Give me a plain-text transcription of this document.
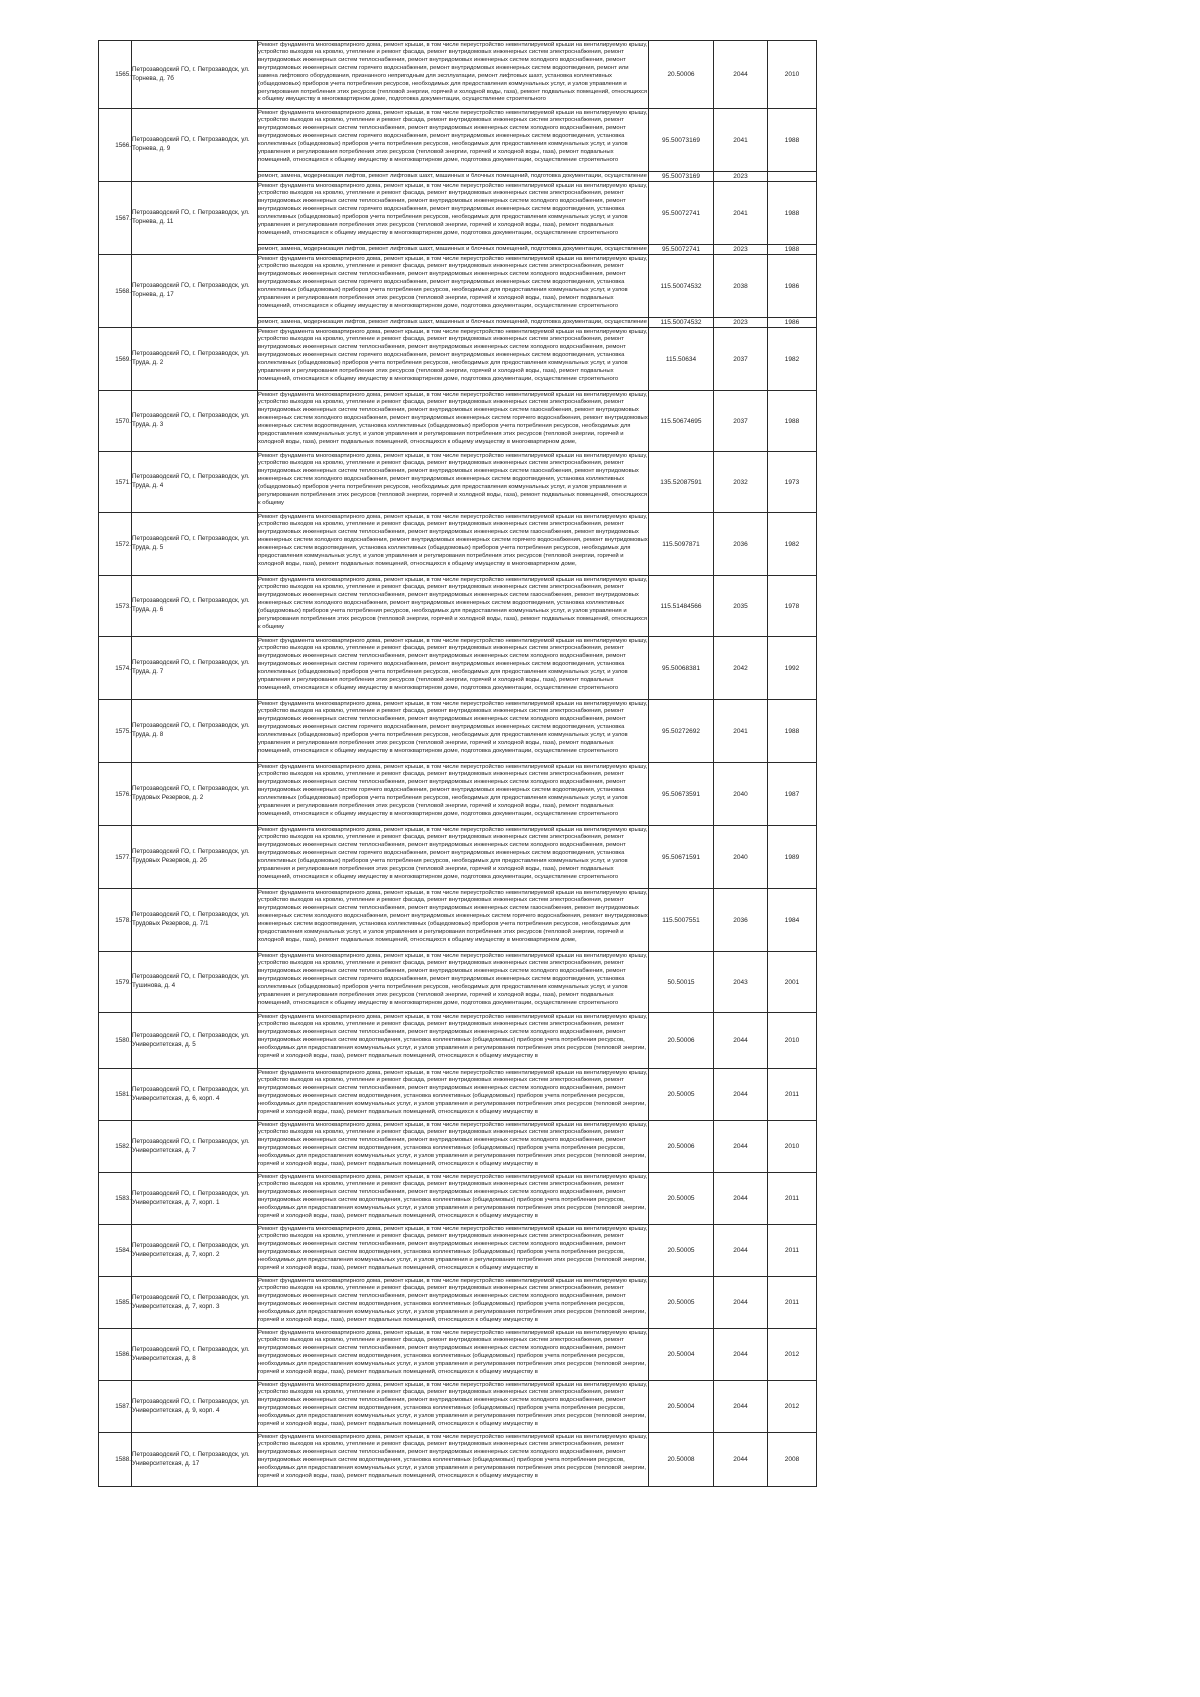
1565.	Петрозаводский ГО, г. Петрозаводск, ул. Торнева, д. 7б	Ремонт фундамента многоквартирного дома, ремонт крыши, в том числе переустройство невентилируемой крыши на вентилируемую крышу, устройство выходов на кровлю, утепление и ремонт фасада, ремонт внутридомовых инженерных систем электроснабжения, ремонт внутридомовых инженерных систем теплоснабжения, ремонт внутридомовых инженерных систем холодного водоснабжения, ремонт внутридомовых инженерных систем горячего водоснабжения, ремонт внутридомовых инженерных систем водоотведения, ремонт или замена лифтового оборудования, признанного непригодным для эксплуатации, ремонт лифтовых шахт, установка коллективных (общедомовых) приборов учета потребления ресурсов, необходимых для предоставления коммунальных услуг, и узлов управления и регулирования потребления этих ресурсов (тепловой энергии, горячей и холодной воды, газа), ремонт подвальных помещений, относящихся к общему имуществу в многоквартирном доме, подготовка документации, осуществление строительного	20.50006	2044	2010
1566.	Петрозаводский ГО, г. Петрозаводск, ул. Торнева, д. 9	Ремонт фундамента многоквартирного дома, ремонт крыши, в том числе переустройство невентилируемой крыши на вентилируемую крышу, устройство выходов на кровлю, утепление и ремонт фасада, ремонт внутридомовых инженерных систем электроснабжения, ремонт внутридомовых инженерных систем теплоснабжения, ремонт внутридомовых инженерных систем холодного водоснабжения, ремонт внутридомовых инженерных систем горячего водоснабжения, ремонт внутридомовых инженерных систем водоотведения, установка коллективных (общедомовых) приборов учета потребления ресурсов, необходимых для предоставления коммунальных услуг, и узлов управления и регулирования потребления этих ресурсов (тепловой энергии, горячей и холодной воды, газа), ремонт подвальных помещений, относящихся к общему имуществу в многоквартирном доме, подготовка документации, осуществление строительного	95.50073169	2041	1988

		ремонт, замена, модернизация лифтов, ремонт лифтовых шахт, машинных и блочных помещений, подготовка документации, осуществление	95.50073169	2023	
1567.	Петрозаводский ГО, г. Петрозаводск, ул. Торнева, д. 11	Ремонт фундамента многоквартирного дома, ремонт крыши, в том числе переустройство невентилируемой крыши на вентилируемую крышу, устройство выходов на кровлю, утепление и ремонт фасада, ремонт внутридомовых инженерных систем электроснабжения, ремонт внутридомовых инженерных систем теплоснабжения, ремонт внутридомовых инженерных систем холодного водоснабжения, ремонт внутридомовых инженерных систем горячего водоснабжения, ремонт внутридомовых инженерных систем водоотведения, установка коллективных (общедомовых) приборов учета потребления ресурсов, необходимых для предоставления коммунальных услуг, и узлов управления и регулирования потребления этих ресурсов (тепловой энергии, горячей и холодной воды, газа), ремонт подвальных помещений, относящихся к общему имуществу в многоквартирном доме, подготовка документации, осуществление строительного	95.50072741	2041	1988

		ремонт, замена, модернизация лифтов, ремонт лифтовых шахт, машинных и блочных помещений, подготовка документации, осуществление	95.50072741	2023	1988
1568.	Петрозаводский ГО, г. Петрозаводск, ул. Торнева, д. 17	Ремонт фундамента многоквартирного дома, ремонт крыши, в том числе переустройство невентилируемой крыши на вентилируемую крышу, устройство выходов на кровлю, утепление и ремонт фасада, ремонт внутридомовых инженерных систем электроснабжения, ремонт внутридомовых инженерных систем теплоснабжения, ремонт внутридомовых инженерных систем холодного водоснабжения, ремонт внутридомовых инженерных систем горячего водоснабжения, ремонт внутридомовых инженерных систем водоотведения, установка коллективных (общедомовых) приборов учета потребления ресурсов, необходимых для предоставления коммунальных услуг, и узлов управления и регулирования потребления этих ресурсов (тепловой энергии, горячей и холодной воды, газа), ремонт подвальных помещений, относящихся к общему имуществу в многоквартирном доме, подготовка документации, осуществление строительного	115.50074532	2038	1986

		ремонт, замена, модернизация лифтов, ремонт лифтовых шахт, машинных и блочных помещений, подготовка документации, осуществление	115.50074532	2023	1986
1569.	Петрозаводский ГО, г. Петрозаводск, ул. Труда, д. 2	Ремонт фундамента многоквартирного дома, ремонт крыши, в том числе переустройство невентилируемой крыши на вентилируемую крышу, устройство выходов на кровлю, утепление и ремонт фасада, ремонт внутридомовых инженерных систем электроснабжения, ремонт внутридомовых инженерных систем теплоснабжения, ремонт внутридомовых инженерных систем холодного водоснабжения, ремонт внутридомовых инженерных систем горячего водоснабжения, ремонт внутридомовых инженерных систем водоотведения, установка коллективных (общедомовых) приборов учета потребления ресурсов, необходимых для предоставления коммунальных услуг, и узлов управления и регулирования потребления этих ресурсов (тепловой энергии, горячей и холодной воды, газа), ремонт подвальных помещений, относящихся к общему имуществу в многоквартирном доме, подготовка документации, осуществление строительного	115.50634	2037	1982
1570.	Петрозаводский ГО, г. Петрозаводск, ул. Труда, д. 3	Ремонт фундамента многоквартирного дома, ремонт крыши, в том числе переустройство невентилируемой крыши на вентилируемую крышу, устройство выходов на кровлю, утепление и ремонт фасада, ремонт внутридомовых инженерных систем электроснабжения, ремонт внутридомовых инженерных систем теплоснабжения, ремонт внутридомовых инженерных систем газоснабжения, ремонт внутридомовых инженерных систем холодного водоснабжения, ремонт внутридомовых инженерных систем горячего водоснабжения, ремонт внутридомовых инженерных систем водоотведения, установка коллективных (общедомовых) приборов учета потребления ресурсов, необходимых для предоставления коммунальных услуг, и узлов управления и регулирования потребления этих ресурсов (тепловой энергии, горячей и холодной воды, газа), ремонт подвальных помещений, относящихся к общему имуществу в многоквартирном доме,	115.50674695	2037	1988
1571.	Петрозаводский ГО, г. Петрозаводск, ул. Труда, д. 4	Ремонт фундамента многоквартирного дома, ремонт крыши, в том числе переустройство невентилируемой крыши на вентилируемую крышу, устройство выходов на кровлю, утепление и ремонт фасада, ремонт внутридомовых инженерных систем электроснабжения, ремонт внутридомовых инженерных систем теплоснабжения, ремонт внутридомовых инженерных систем газоснабжения, ремонт внутридомовых инженерных систем холодного водоснабжения, ремонт внутридомовых инженерных систем водоотведения, установка коллективных (общедомовых) приборов учета потребления ресурсов, необходимых для предоставления коммунальных услуг, и узлов управления и регулирования потребления этих ресурсов (тепловой энергии, горячей и холодной воды, газа), ремонт подвальных помещений, относящихся к общему	135.52087591	2032	1973
1572.	Петрозаводский ГО, г. Петрозаводск, ул. Труда, д. 5	Ремонт фундамента многоквартирного дома, ремонт крыши, в том числе переустройство невентилируемой крыши на вентилируемую крышу, устройство выходов на кровлю, утепление и ремонт фасада, ремонт внутридомовых инженерных систем электроснабжения, ремонт внутридомовых инженерных систем теплоснабжения, ремонт внутридомовых инженерных систем газоснабжения, ремонт внутридомовых инженерных систем холодного водоснабжения, ремонт внутридомовых инженерных систем горячего водоснабжения, ремонт внутридомовых инженерных систем водоотведения, установка коллективных (общедомовых) приборов учета потребления ресурсов, необходимых для предоставления коммунальных услуг, и узлов управления и регулирования потребления этих ресурсов (тепловой энергии, горячей и холодной воды, газа), ремонт подвальных помещений, относящихся к общему имуществу в многоквартирном доме,	115.5097871	2036	1982
1573.	Петрозаводский ГО, г. Петрозаводск, ул. Труда, д. 6	Ремонт фундамента многоквартирного дома, ремонт крыши, в том числе переустройство невентилируемой крыши на вентилируемую крышу, устройство выходов на кровлю, утепление и ремонт фасада, ремонт внутридомовых инженерных систем электроснабжения, ремонт внутридомовых инженерных систем теплоснабжения, ремонт внутридомовых инженерных систем газоснабжения, ремонт внутридомовых инженерных систем холодного водоснабжения, ремонт внутридомовых инженерных систем водоотведения, установка коллективных (общедомовых) приборов учета потребления ресурсов, необходимых для предоставления коммунальных услуг, и узлов управления и регулирования потребления этих ресурсов (тепловой энергии, горячей и холодной воды, газа), ремонт подвальных помещений, относящихся к общему	115.51484566	2035	1978
1574.	Петрозаводский ГО, г. Петрозаводск, ул. Труда, д. 7	Ремонт фундамента многоквартирного дома, ремонт крыши, в том числе переустройство невентилируемой крыши на вентилируемую крышу, устройство выходов на кровлю, утепление и ремонт фасада, ремонт внутридомовых инженерных систем электроснабжения, ремонт внутридомовых инженерных систем теплоснабжения, ремонт внутридомовых инженерных систем холодного водоснабжения, ремонт внутридомовых инженерных систем горячего водоснабжения, ремонт внутридомовых инженерных систем водоотведения, установка коллективных (общедомовых) приборов учета потребления ресурсов, необходимых для предоставления коммунальных услуг, и узлов управления и регулирования потребления этих ресурсов (тепловой энергии, горячей и холодной воды, газа), ремонт подвальных помещений, относящихся к общему имуществу в многоквартирном доме, подготовка документации, осуществление строительного	95.50068381	2042	1992
1575.	Петрозаводский ГО, г. Петрозаводск, ул. Труда, д. 8	Ремонт фундамента многоквартирного дома, ремонт крыши, в том числе переустройство невентилируемой крыши на вентилируемую крышу, устройство выходов на кровлю, утепление и ремонт фасада, ремонт внутридомовых инженерных систем электроснабжения, ремонт внутридомовых инженерных систем теплоснабжения, ремонт внутридомовых инженерных систем холодного водоснабжения, ремонт внутридомовых инженерных систем горячего водоснабжения, ремонт внутридомовых инженерных систем водоотведения, установка коллективных (общедомовых) приборов учета потребления ресурсов, необходимых для предоставления коммунальных услуг, и узлов управления и регулирования потребления этих ресурсов (тепловой энергии, горячей и холодной воды, газа), ремонт подвальных помещений, относящихся к общему имуществу в многоквартирном доме, подготовка документации, осуществление строительного	95.50272692	2041	1988
1576.	Петрозаводский ГО, г. Петрозаводск, ул. Трудовых Резервов, д. 2	Ремонт фундамента многоквартирного дома, ремонт крыши, в том числе переустройство невентилируемой крыши на вентилируемую крышу, устройство выходов на кровлю, утепление и ремонт фасада, ремонт внутридомовых инженерных систем электроснабжения, ремонт внутридомовых инженерных систем теплоснабжения, ремонт внутридомовых инженерных систем холодного водоснабжения, ремонт внутридомовых инженерных систем горячего водоснабжения, ремонт внутридомовых инженерных систем водоотведения, установка коллективных (общедомовых) приборов учета потребления ресурсов, необходимых для предоставления коммунальных услуг, и узлов управления и регулирования потребления этих ресурсов (тепловой энергии, горячей и холодной воды, газа), ремонт подвальных помещений, относящихся к общему имуществу в многоквартирном доме, подготовка документации, осуществление строительного	95.50673591	2040	1987
1577.	Петрозаводский ГО, г. Петрозаводск, ул. Трудовых Резервов, д. 2б	Ремонт фундамента многоквартирного дома, ремонт крыши, в том числе переустройство невентилируемой крыши на вентилируемую крышу, устройство выходов на кровлю, утепление и ремонт фасада, ремонт внутридомовых инженерных систем электроснабжения, ремонт внутридомовых инженерных систем теплоснабжения, ремонт внутридомовых инженерных систем холодного водоснабжения, ремонт внутридомовых инженерных систем горячего водоснабжения, ремонт внутридомовых инженерных систем водоотведения, установка коллективных (общедомовых) приборов учета потребления ресурсов, необходимых для предоставления коммунальных услуг, и узлов управления и регулирования потребления этих ресурсов (тепловой энергии, горячей и холодной воды, газа), ремонт подвальных помещений, относящихся к общему имуществу в многоквартирном доме, подготовка документации, осуществление строительного	95.50671591	2040	1989
1578.	Петрозаводский ГО, г. Петрозаводск, ул. Трудовых Резервов, д. 7/1	Ремонт фундамента многоквартирного дома, ремонт крыши, в том числе переустройство невентилируемой крыши на вентилируемую крышу, устройство выходов на кровлю, утепление и ремонт фасада, ремонт внутридомовых инженерных систем электроснабжения, ремонт внутридомовых инженерных систем теплоснабжения, ремонт внутридомовых инженерных систем газоснабжения, ремонт внутридомовых инженерных систем холодного водоснабжения, ремонт внутридомовых инженерных систем горячего водоснабжения, ремонт внутридомовых инженерных систем водоотведения, установка коллективных (общедомовых) приборов учета потребления ресурсов, необходимых для предоставления коммунальных услуг, и узлов управления и регулирования потребления этих ресурсов (тепловой энергии, горячей и холодной воды, газа), ремонт подвальных помещений, относящихся к общему имуществу в многоквартирном доме,	115.5007551	2036	1984
1579.	Петрозаводский ГО, г. Петрозаводск, ул. Тушинова, д. 4	Ремонт фундамента многоквартирного дома, ремонт крыши, в том числе переустройство невентилируемой крыши на вентилируемую крышу, устройство выходов на кровлю, утепление и ремонт фасада, ремонт внутридомовых инженерных систем электроснабжения, ремонт внутридомовых инженерных систем теплоснабжения, ремонт внутридомовых инженерных систем холодного водоснабжения, ремонт внутридомовых инженерных систем горячего водоснабжения, ремонт внутридомовых инженерных систем водоотведения, установка коллективных (общедомовых) приборов учета потребления ресурсов, необходимых для предоставления коммунальных услуг, и узлов управления и регулирования потребления этих ресурсов (тепловой энергии, горячей и холодной воды, газа), ремонт подвальных помещений, относящихся к общему имуществу в многоквартирном доме, подготовка документации, осуществление строительного	50.50015	2043	2001
1580.	Петрозаводский ГО, г. Петрозаводск, ул. Университетская, д. 5	Ремонт фундамента многоквартирного дома, ремонт крыши, в том числе переустройство невентилируемой крыши на вентилируемую крышу, устройство выходов на кровлю, утепление и ремонт фасада, ремонт внутридомовых инженерных систем электроснабжения, ремонт внутридомовых инженерных систем теплоснабжения, ремонт внутридомовых инженерных систем холодного водоснабжения, ремонт внутридомовых инженерных систем водоотведения, установка коллективных (общедомовых) приборов учета потребления ресурсов, необходимых для предоставления коммунальных услуг, и узлов управления и регулирования потребления этих ресурсов (тепловой энергии, горячей и холодной воды, газа), ремонт подвальных помещений, относящихся к общему имуществу в	20.50006	2044	2010
1581.	Петрозаводский ГО, г. Петрозаводск, ул. Университетская, д. 6, корп. 4	Ремонт фундамента многоквартирного дома, ремонт крыши, в том числе переустройство невентилируемой крыши на вентилируемую крышу, устройство выходов на кровлю, утепление и ремонт фасада, ремонт внутридомовых инженерных систем электроснабжения, ремонт внутридомовых инженерных систем теплоснабжения, ремонт внутридомовых инженерных систем холодного водоснабжения, ремонт внутридомовых инженерных систем водоотведения, установка коллективных (общедомовых) приборов учета потребления ресурсов, необходимых для предоставления коммунальных услуг, и узлов управления и регулирования потребления этих ресурсов (тепловой энергии, горячей и холодной воды, газа), ремонт подвальных помещений, относящихся к общему имуществу в	20.50005	2044	2011
1582.	Петрозаводский ГО, г. Петрозаводск, ул. Университетская, д. 7	Ремонт фундамента многоквартирного дома, ремонт крыши, в том числе переустройство невентилируемой крыши на вентилируемую крышу, устройство выходов на кровлю, утепление и ремонт фасада, ремонт внутридомовых инженерных систем электроснабжения, ремонт внутридомовых инженерных систем теплоснабжения, ремонт внутридомовых инженерных систем холодного водоснабжения, ремонт внутридомовых инженерных систем водоотведения, установка коллективных (общедомовых) приборов учета потребления ресурсов, необходимых для предоставления коммунальных услуг, и узлов управления и регулирования потребления этих ресурсов (тепловой энергии, горячей и холодной воды, газа), ремонт подвальных помещений, относящихся к общему имуществу в	20.50006	2044	2010
1583.	Петрозаводский ГО, г. Петрозаводск, ул. Университетская, д. 7, корп. 1	Ремонт фундамента многоквартирного дома, ремонт крыши, в том числе переустройство невентилируемой крыши на вентилируемую крышу, устройство выходов на кровлю, утепление и ремонт фасада, ремонт внутридомовых инженерных систем электроснабжения, ремонт внутридомовых инженерных систем теплоснабжения, ремонт внутридомовых инженерных систем холодного водоснабжения, ремонт внутридомовых инженерных систем водоотведения, установка коллективных (общедомовых) приборов учета потребления ресурсов, необходимых для предоставления коммунальных услуг, и узлов управления и регулирования потребления этих ресурсов (тепловой энергии, горячей и холодной воды, газа), ремонт подвальных помещений, относящихся к общему имуществу в	20.50005	2044	2011
1584.	Петрозаводский ГО, г. Петрозаводск, ул. Университетская, д. 7, корп. 2	Ремонт фундамента многоквартирного дома, ремонт крыши, в том числе переустройство невентилируемой крыши на вентилируемую крышу, устройство выходов на кровлю, утепление и ремонт фасада, ремонт внутридомовых инженерных систем электроснабжения, ремонт внутридомовых инженерных систем теплоснабжения, ремонт внутридомовых инженерных систем холодного водоснабжения, ремонт внутридомовых инженерных систем водоотведения, установка коллективных (общедомовых) приборов учета потребления ресурсов, необходимых для предоставления коммунальных услуг, и узлов управления и регулирования потребления этих ресурсов (тепловой энергии, горячей и холодной воды, газа), ремонт подвальных помещений, относящихся к общему имуществу в	20.50005	2044	2011
1585.	Петрозаводский ГО, г. Петрозаводск, ул. Университетская, д. 7, корп. 3	Ремонт фундамента многоквартирного дома, ремонт крыши, в том числе переустройство невентилируемой крыши на вентилируемую крышу, устройство выходов на кровлю, утепление и ремонт фасада, ремонт внутридомовых инженерных систем электроснабжения, ремонт внутридомовых инженерных систем теплоснабжения, ремонт внутридомовых инженерных систем холодного водоснабжения, ремонт внутридомовых инженерных систем водоотведения, установка коллективных (общедомовых) приборов учета потребления ресурсов, необходимых для предоставления коммунальных услуг, и узлов управления и регулирования потребления этих ресурсов (тепловой энергии, горячей и холодной воды, газа), ремонт подвальных помещений, относящихся к общему имуществу в	20.50005	2044	2011
1586.	Петрозаводский ГО, г. Петрозаводск, ул. Университетская, д. 8	Ремонт фундамента многоквартирного дома, ремонт крыши, в том числе переустройство невентилируемой крыши на вентилируемую крышу, устройство выходов на кровлю, утепление и ремонт фасада, ремонт внутридомовых инженерных систем электроснабжения, ремонт внутридомовых инженерных систем теплоснабжения, ремонт внутридомовых инженерных систем холодного водоснабжения, ремонт внутридомовых инженерных систем водоотведения, установка коллективных (общедомовых) приборов учета потребления ресурсов, необходимых для предоставления коммунальных услуг, и узлов управления и регулирования потребления этих ресурсов (тепловой энергии, горячей и холодной воды, газа), ремонт подвальных помещений, относящихся к общему имуществу в	20.50004	2044	2012
1587.	Петрозаводский ГО, г. Петрозаводск, ул. Университетская, д. 9, корп. 4	Ремонт фундамента многоквартирного дома, ремонт крыши, в том числе переустройство невентилируемой крыши на вентилируемую крышу, устройство выходов на кровлю, утепление и ремонт фасада, ремонт внутридомовых инженерных систем электроснабжения, ремонт внутридомовых инженерных систем теплоснабжения, ремонт внутридомовых инженерных систем холодного водоснабжения, ремонт внутридомовых инженерных систем водоотведения, установка коллективных (общедомовых) приборов учета потребления ресурсов, необходимых для предоставления коммунальных услуг, и узлов управления и регулирования потребления этих ресурсов (тепловой энергии, горячей и холодной воды, газа), ремонт подвальных помещений, относящихся к общему имуществу в	20.50004	2044	2012
1588.	Петрозаводский ГО, г. Петрозаводск, ул. Университетская, д. 17	Ремонт фундамента многоквартирного дома, ремонт крыши, в том числе переустройство невентилируемой крыши на вентилируемую крышу, устройство выходов на кровлю, утепление и ремонт фасада, ремонт внутридомовых инженерных систем электроснабжения, ремонт внутридомовых инженерных систем теплоснабжения, ремонт внутридомовых инженерных систем холодного водоснабжения, ремонт внутридомовых инженерных систем водоотведения, установка коллективных (общедомовых) приборов учета потребления ресурсов, необходимых для предоставления коммунальных услуг, и узлов управления и регулирования потребления этих ресурсов (тепловой энергии, горячей и холодной воды, газа), ремонт подвальных помещений, относящихся к общему имуществу в	20.50008	2044	2008
